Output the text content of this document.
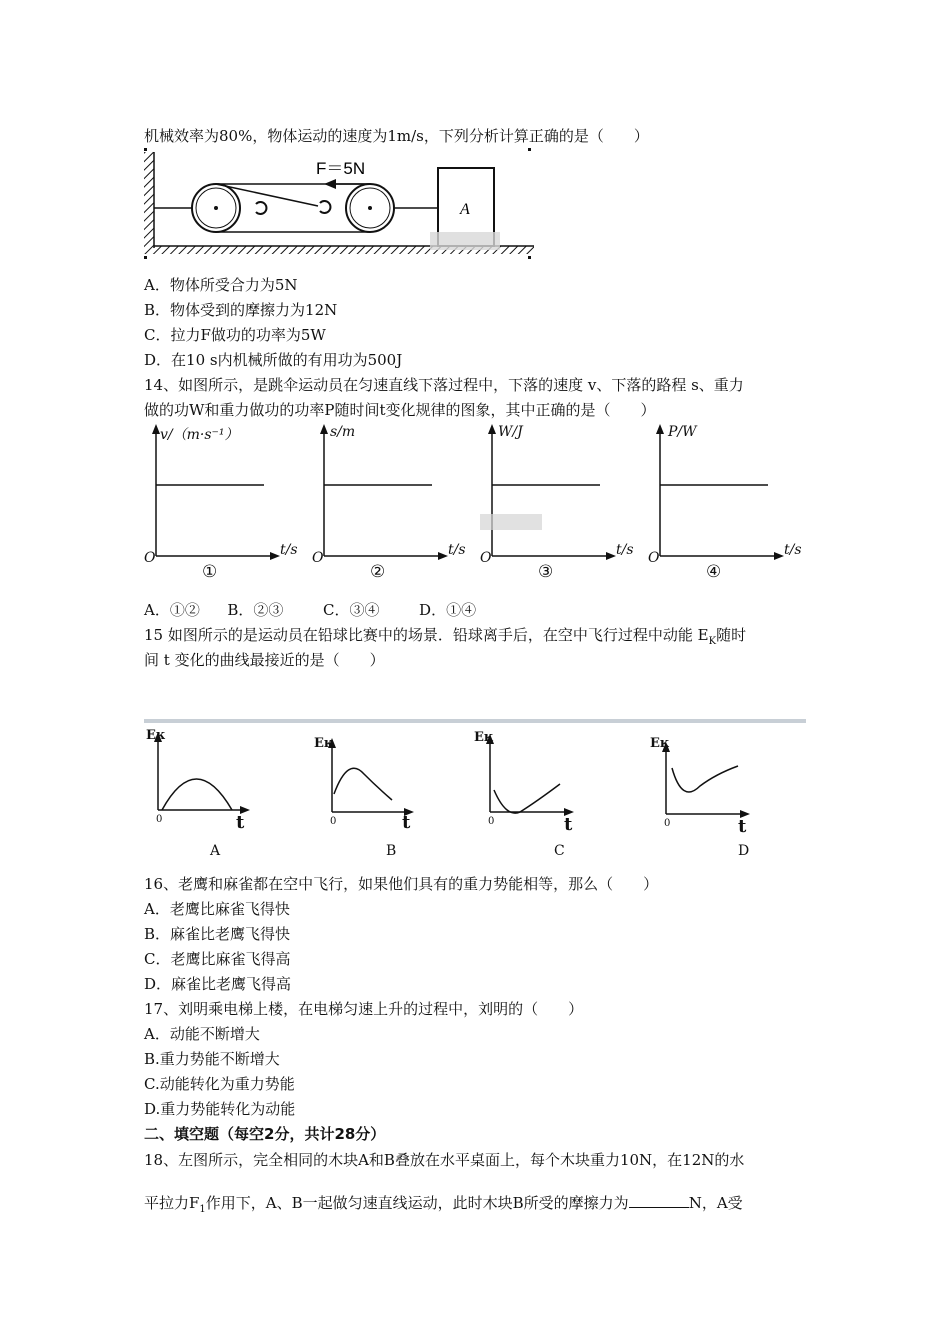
机械效率为80%，物体运动的速度为1m/s，下列分析计算正确的是（　　）
A
F＝5N
A．物体所受合力为5N
B．物体受到的摩擦力为12N
C．拉力F做功的功率为5W
D．在10 s内机械所做的有用功为500J
14、如图所示，是跳伞运动员在匀速直线下落过程中，下落的速度 v、下落的路程 s、重力
做的功W和重力做功的功率P随时间t变化规律的图象，其中正确的是（　　）
v/（m·s⁻¹）
t/s
O
①
s/m
t/s
O
②
W/J
t/s
O
③
P/W
t/s
O
④
A．①② B．②③	C．③④	D．①④
15 如图所示的是运动员在铅球比赛中的场景．铅球离手后，在空中飞行过程中动能 $E_K$随时
间 t 变化的曲线最接近的是（　　）
Eĸ
t
0
A
Eĸ
t
0
B
Eĸ
t
0
C
Eĸ
t
0
D
16、老鹰和麻雀都在空中飞行，如果他们具有的重力势能相等，那么（　　）
A．老鹰比麻雀飞得快
B．麻雀比老鹰飞得快
C．老鹰比麻雀飞得高
D．麻雀比老鹰飞得高
17、刘明乘电梯上楼，在电梯匀速上升的过程中，刘明的（　　）
A．动能不断增大
B.重力势能不断增大
C.动能转化为重力势能
D.重力势能转化为动能
二、填空题（每空2分，共计28分）
18、左图所示，完全相同的木块A和B叠放在水平桌面上，每个木块重力10N，在12N的水
平拉力$F_1$作用下，A、B一起做匀速直线运动，此时木块B所受的摩擦力为	N，A受
